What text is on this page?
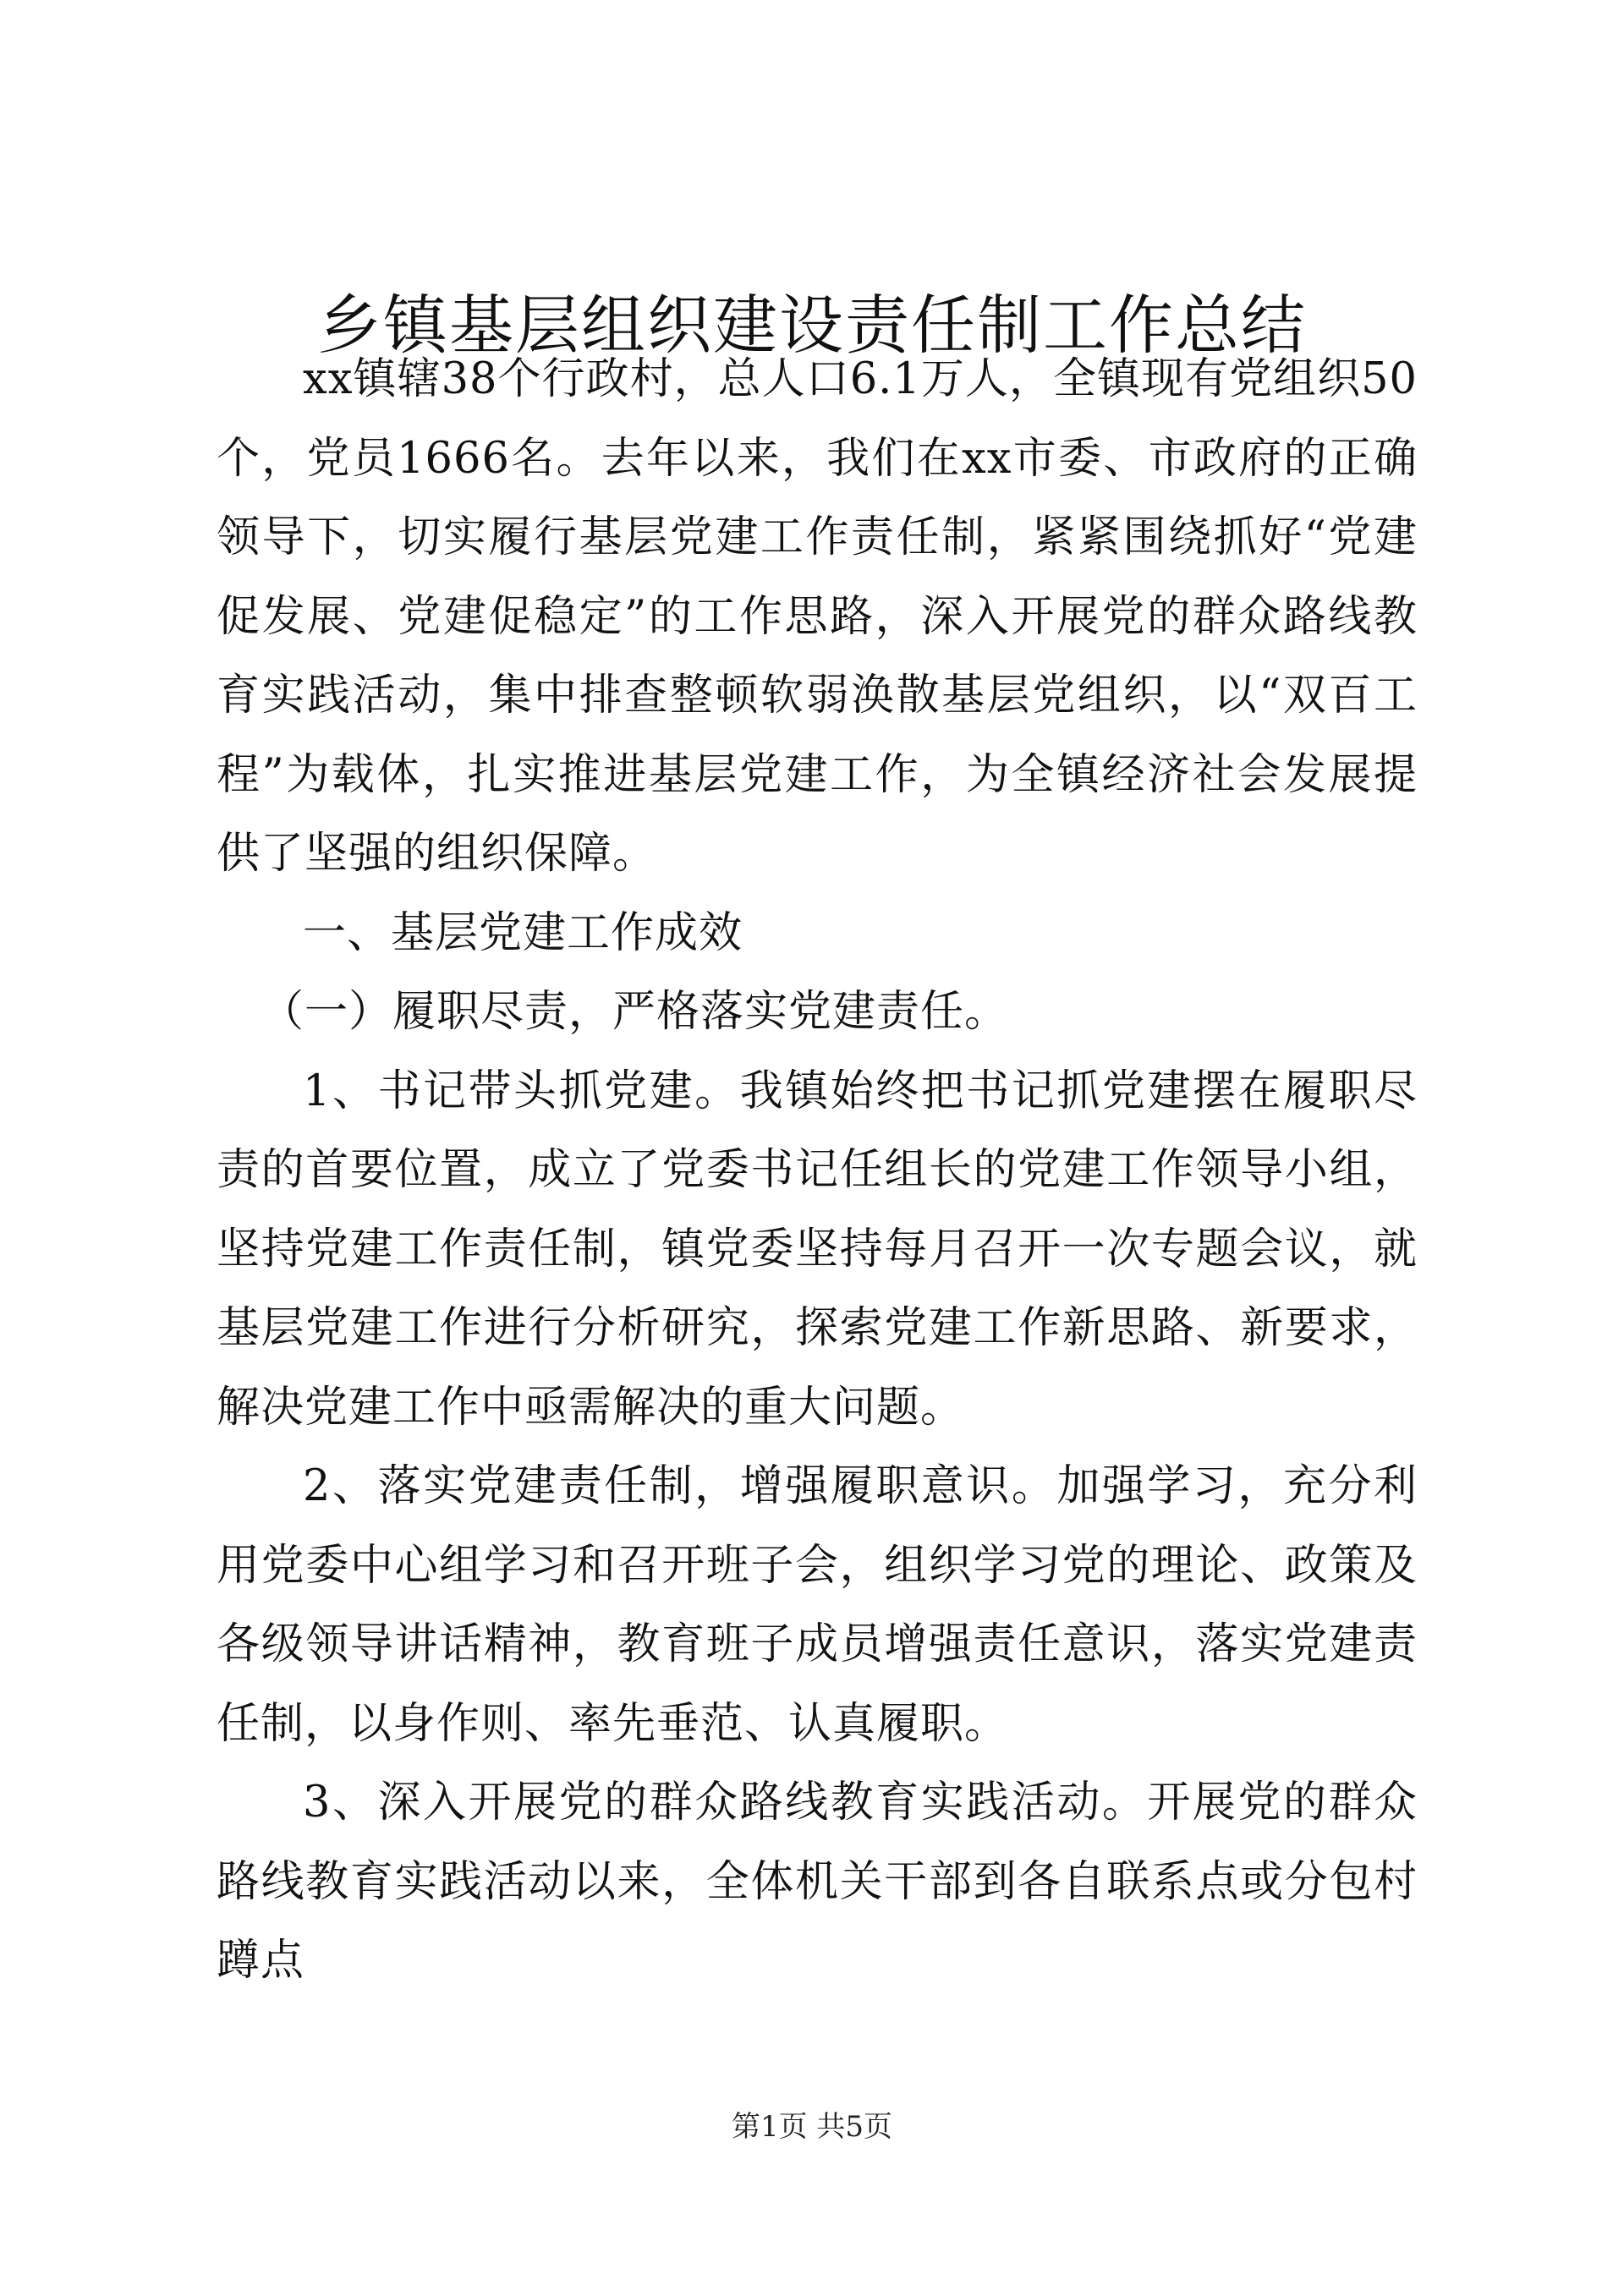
乡镇基层组织建设责任制工作总结

xx镇辖38个行政村，总人口6.1万人，全镇现有党组织50个，党员1666名。去年以来，我们在xx市委、市政府的正确领导下，切实履行基层党建工作责任制，紧紧围绕抓好“党建促发展、党建促稳定”的工作思路，深入开展党的群众路线教育实践活动，集中排查整顿软弱涣散基层党组织，以“双百工程”为载体，扎实推进基层党建工作，为全镇经济社会发展提供了坚强的组织保障。

一、基层党建工作成效

（一）履职尽责，严格落实党建责任。

1、书记带头抓党建。我镇始终把书记抓党建摆在履职尽责的首要位置，成立了党委书记任组长的党建工作领导小组，坚持党建工作责任制，镇党委坚持每月召开一次专题会议，就基层党建工作进行分析研究，探索党建工作新思路、新要求，解决党建工作中亟需解决的重大问题。

2、落实党建责任制，增强履职意识。加强学习，充分利用党委中心组学习和召开班子会，组织学习党的理论、政策及各级领导讲话精神，教育班子成员增强责任意识，落实党建责任制，以身作则、率先垂范、认真履职。

3、深入开展党的群众路线教育实践活动。开展党的群众路线教育实践活动以来，全体机关干部到各自联系点或分包村蹲点

第1页 共5页
